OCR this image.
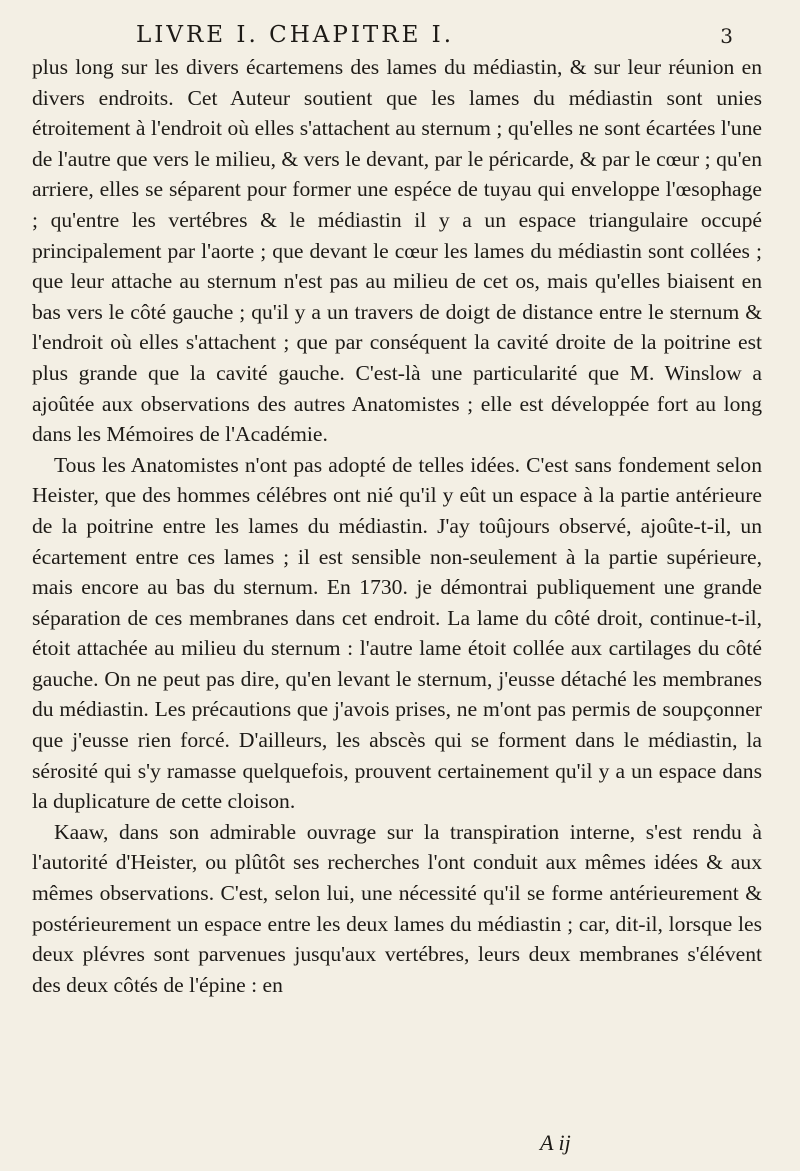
LIVRE I. CHAPITRE I.	3

plus long sur les divers écartemens des lames du médiastin, & sur leur réunion en divers endroits. Cet Auteur soutient que les lames du médiastin sont unies étroitement à l'endroit où elles s'attachent au sternum ; qu'elles ne sont écartées l'une de l'autre que vers le milieu, & vers le devant, par le péricarde, & par le cœur ; qu'en arriere, elles se séparent pour former une espéce de tuyau qui enveloppe l'œsophage ; qu'entre les vertébres & le médiastin il y a un espace triangulaire occupé principalement par l'aorte ; que devant le cœur les lames du médiastin sont collées ; que leur attache au sternum n'est pas au milieu de cet os, mais qu'elles biaisent en bas vers le côté gauche ; qu'il y a un travers de doigt de distance entre le sternum & l'endroit où elles s'attachent ; que par conséquent la cavité droite de la poitrine est plus grande que la cavité gauche. C'est-là une particularité que M. Winslow a ajoûtée aux observations des autres Anatomistes ; elle est développée fort au long dans les Mémoires de l'Académie.

Tous les Anatomistes n'ont pas adopté de telles idées. C'est sans fondement selon Heister, que des hommes célébres ont nié qu'il y eût un espace à la partie antérieure de la poitrine entre les lames du médiastin. J'ay toûjours observé, ajoûte-t-il, un écartement entre ces lames ; il est sensible non-seulement à la partie supérieure, mais encore au bas du sternum. En 1730. je démontrai publiquement une grande séparation de ces membranes dans cet endroit. La lame du côté droit, continue-t-il, étoit attachée au milieu du sternum : l'autre lame étoit collée aux cartilages du côté gauche. On ne peut pas dire, qu'en levant le sternum, j'eusse détaché les membranes du médiastin. Les précautions que j'avois prises, ne m'ont pas permis de soupçonner que j'eusse rien forcé. D'ailleurs, les abscès qui se forment dans le médiastin, la sérosité qui s'y ramasse quelquefois, prouvent certainement qu'il y a un espace dans la duplicature de cette cloison.

Kaaw, dans son admirable ouvrage sur la transpiration interne, s'est rendu à l'autorité d'Heister, ou plûtôt ses recherches l'ont conduit aux mêmes idées & aux mêmes observations. C'est, selon lui, une nécessité qu'il se forme antérieurement & postérieurement un espace entre les deux lames du médiastin ; car, dit-il, lorsque les deux plévres sont parvenues jusqu'aux vertébres, leurs deux membranes s'élévent des deux côtés de l'épine : en

A ij
